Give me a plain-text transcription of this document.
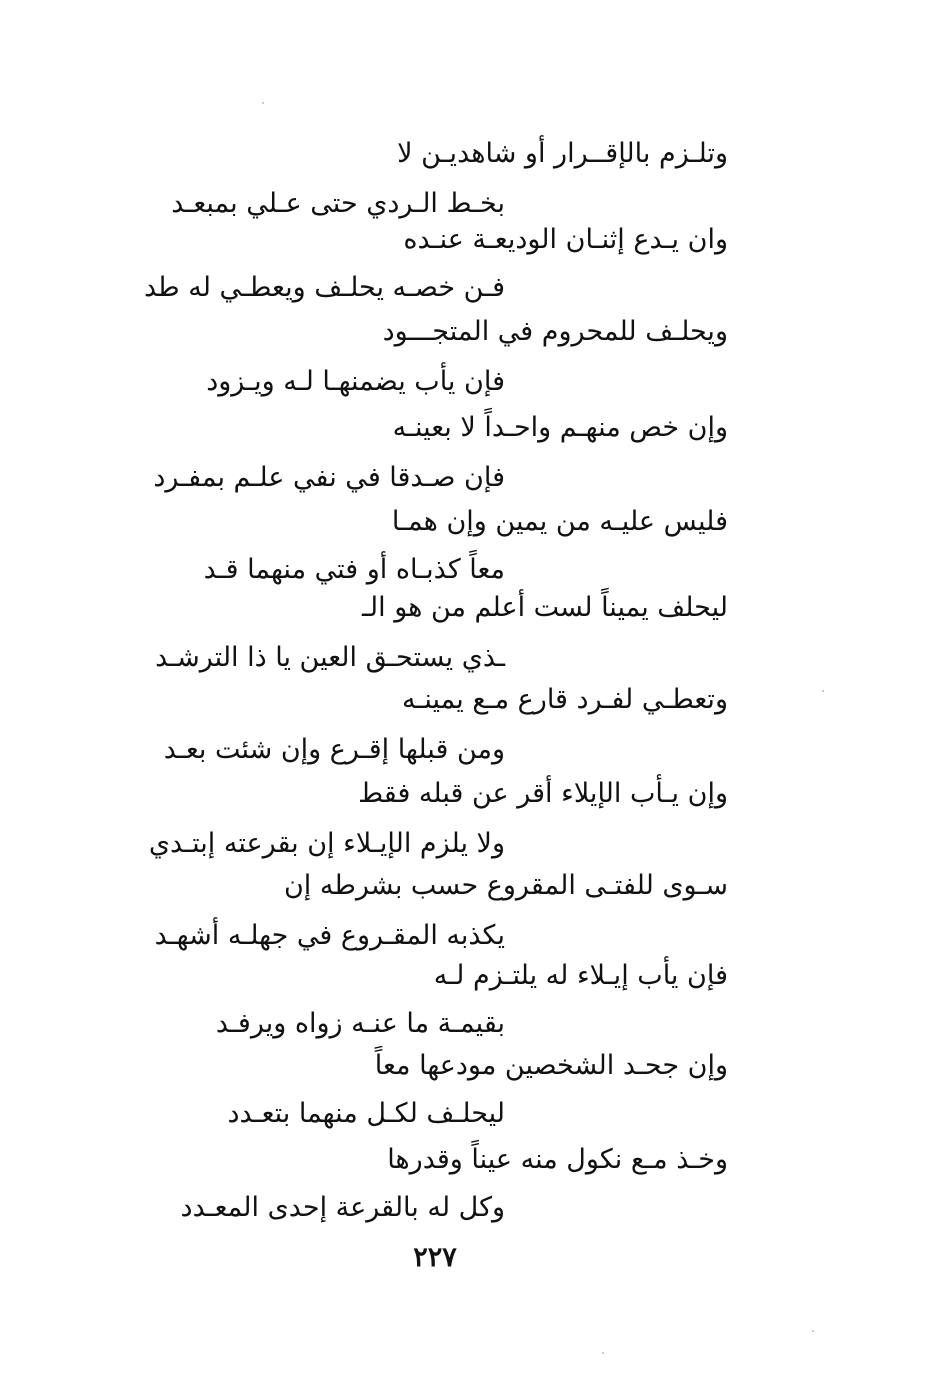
وتلـزم بالإقــرار أو شاهديـن لا
بخـط الـردي حتى عـلي بمبعـد
وان يـدع إثنـان الوديعـة عنـده
فـن خصـه يحلـف ويعطـي له طد
ويحلـف للمحروم في المتجـــود
فإن يأب يضمنهـا لـه ويـزود
وإن خص منهـم واحـداً لا بعينـه
فإن صـدقا في نفي علـم بمفـرد
فليس عليـه من يمين وإن همـا
معاً كذبـاه أو فتي منهما قـد
ليحلف يميناً لست أعلم من هو الـ
ـذي يستحـق العين يا ذا الترشـد
وتعطـي لفـرد قارع مـع يمينـه
ومن قبلها إقـرع وإن شئت بعـد
وإن يـأب الإيلاء أقر عن قبله فقط
ولا يلزم الإيـلاء إن بقرعته إبتـدي
سـوى للفتـى المقروع حسب بشرطه إن
يكذبه المقـروع في جهلـه أشهـد
فإن يأب إيـلاء له يلتـزم لـه
بقيمـة ما عنـه زواه ويرفـد
وإن جحـد الشخصين مودعها معاً
ليحلـف لكـل منهما بتعـدد
وخـذ مـع نكول منه عيناً وقدرها
وكل له بالقرعة إحدى المعـدد
٢٢٧
